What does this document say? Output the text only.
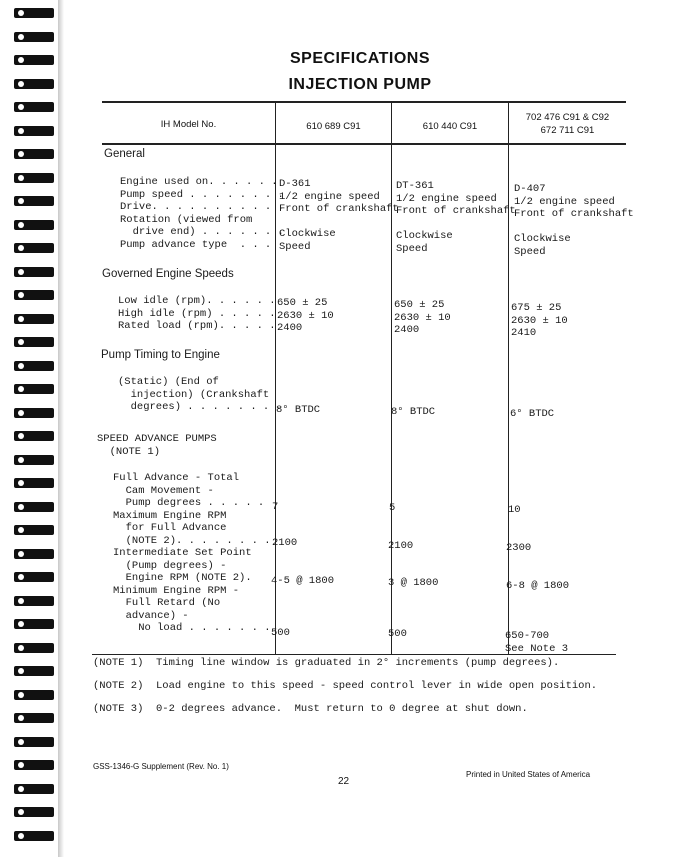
SPECIFICATIONS
INJECTION PUMP
IH Model No.	610 689 C91	610 440 C91
702 476 C91 & C92
672 711 C91
General
Governed Engine Speeds
Pump Timing to Engine
SPEED ADVANCE PUMPS
(NOTE 1)
Engine used on. . . . . .
Pump speed . . . . . . . .
Drive. . . . . . . . . . .
Rotation (viewed from
drive end) . . . . . . .
Pump advance type  . . .
Low idle (rpm). . . . . .
High idle (rpm) . . . . .
Rated load (rpm). . . . .
(Static) (End of
injection) (Crankshaft
degrees) . . . . . . . .
Full Advance - Total
Cam Movement -
Pump degrees . . . . .
Maximum Engine RPM
for Full Advance
(NOTE 2). . . . . . . .
Intermediate Set Point
(Pump degrees) -
Engine RPM (NOTE 2).
Minimum Engine RPM -
Full Retard (No
advance) -
No load . . . . . . .
D-361
1/2 engine speed
Front of crankshaft

Clockwise
Speed
650 ± 25
2630 ± 10
2400
8° BTDC
7
2100
4-5 @ 1800
500
DT-361
1/2 engine speed
Front of crankshaft

Clockwise
Speed
650 ± 25
2630 ± 10
2400
8° BTDC
5
2100
3 @ 1800
500
D-407
1/2 engine speed
Front of crankshaft

Clockwise
Speed
675 ± 25
2630 ± 10
2410
6° BTDC
10
2300
6-8 @ 1800
650-700
See Note 3
(NOTE 1)  Timing line window is graduated in 2° increments (pump degrees).
(NOTE 2)  Load engine to this speed - speed control lever in wide open position.
(NOTE 3)  0-2 degrees advance.  Must return to 0 degree at shut down.
GSS-1346-G Supplement (Rev. No. 1)
22
Printed in United States of America
